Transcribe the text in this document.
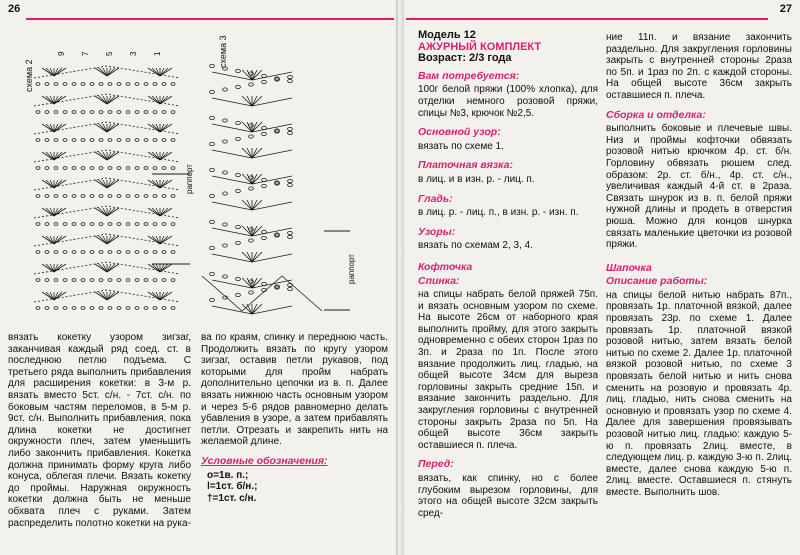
26
схема 2
схема 3
раппорт
раппорт
9 7 5 3 1

вязать кокетку узором зигзаг, заканчивая каждый ряд соед. ст. в последнюю петлю подъема. С третьего ряда выполнить прибавления для расширения кокетки: в 3-м р. вязать вместо 5ст. с/н. - 7ст. с/н. по боковым частям переломов, в 5-м р. 9ст. с/н. Выполнить прибавления, пока длина кокетки не достигнет окружности плеч, затем уменьшить либо закончить прибавления. Кокетка должна принимать форму круга либо конуса, облегая плечи. Вязать кокетку до проймы. Наружная окружность кокетки должна быть не меньше обхвата плеч с руками. Затем распределить полотно кокетки на рука-

ва по краям, спинку и переднюю часть. Продолжить вязать по кругу узором зигзаг, оставив петли рукавов, под которыми для пройм набрать дополнительно цепочки из в. п. Далее вязать нижнюю часть основным узором и через 5-6 рядов равномерно делать убавления в узоре, а затем прибавлять петли. Отрезать и закрепить нить на желаемой длине.

Условные обозначения:
о=1в. п.;
ǀ=1ст. б/н.;
†=1ст. с/н.
27
Модель 12
АЖУРНЫЙ КОМПЛЕКТ
Возраст: 2/3 года
Вам потребуется:

100г белой пряжи (100% хлопка), для отделки немного розовой пряжи, спицы №3, крючок №2,5.

Основной узор:

вязать по схеме 1.

Платочная вязка:

в лиц. и в изн. р. - лиц. п.

Гладь:

в лиц. р. - лиц. п., в изн. р. - изн. п.

Узоры:

вязать по схемам 2, 3, 4.

Кофточка
Спинка:

на спицы набрать белой пряжей 75п. и вязать основным узором по схеме. На высоте 26см от наборного края выполнить пройму, для этого закрыть одновременно с обеих сторон 1раз по 3п. и 2раза по 1п. После этого вязание продолжить лиц. гладью, на общей высоте 34см для выреза горловины закрыть средние 15п. и вязание закончить раздельно. Для закругления горловины с внутренней стороны закрыть 2раза по 5п. На общей высоте 36см закрыть оставшиеся п. плеча.

Перед:

вязать, как спинку, но с более глубоким вырезом горловины, для этого на общей высоте 32см закрыть сред-

ние 11п. и вязание закончить раздельно. Для закругления горловины закрыть с внутренней стороны 2раза по 5п. и 1раз по 2п. с каждой стороны. На общей высоте 36см закрыть оставшиеся п. плеча.

Сборка и отделка:

выполнить боковые и плечевые швы. Низ и проймы кофточки обвязать розовой нитью крючком 4р. ст. б/н. Горловину обвязать рюшем след. образом: 2р. ст. б/н., 4р. ст. с/н., увеличивая каждый 4-й ст. в 2раза. Связать шнурок из в. п. белой пряжи нужной длины и продеть в отверстия рюша. Можно для концов шнурка связать маленькие цветочки из розовой пряжи.

Шапочка
Описание работы:

на спицы белой нитью набрать 87п., провязать 1р. платочной вязкой, далее провязать 23р. по схеме 1. Далее провязать 1р. платочной вязкой розовой нитью, затем вязать белой нитью по схеме 2. Далее 1р. платочной вязкой розовой нитью, по схеме 3 провязать белой нитью и нить снова сменить на розовую и провязать 4р. лиц. гладью, нить снова сменить на основную и провязать узор по схеме 4. Далее для завершения провязывать розовой нитью лиц. гладью: каждую 5-ю п. провязать 2лиц. вместе, в следующем лиц. р. каждую 3-ю п. 2лиц. вместе, далее снова каждую 5-ю п. 2лиц. вместе. Оставшиеся п. стянуть вместе. Выполнить шов.
